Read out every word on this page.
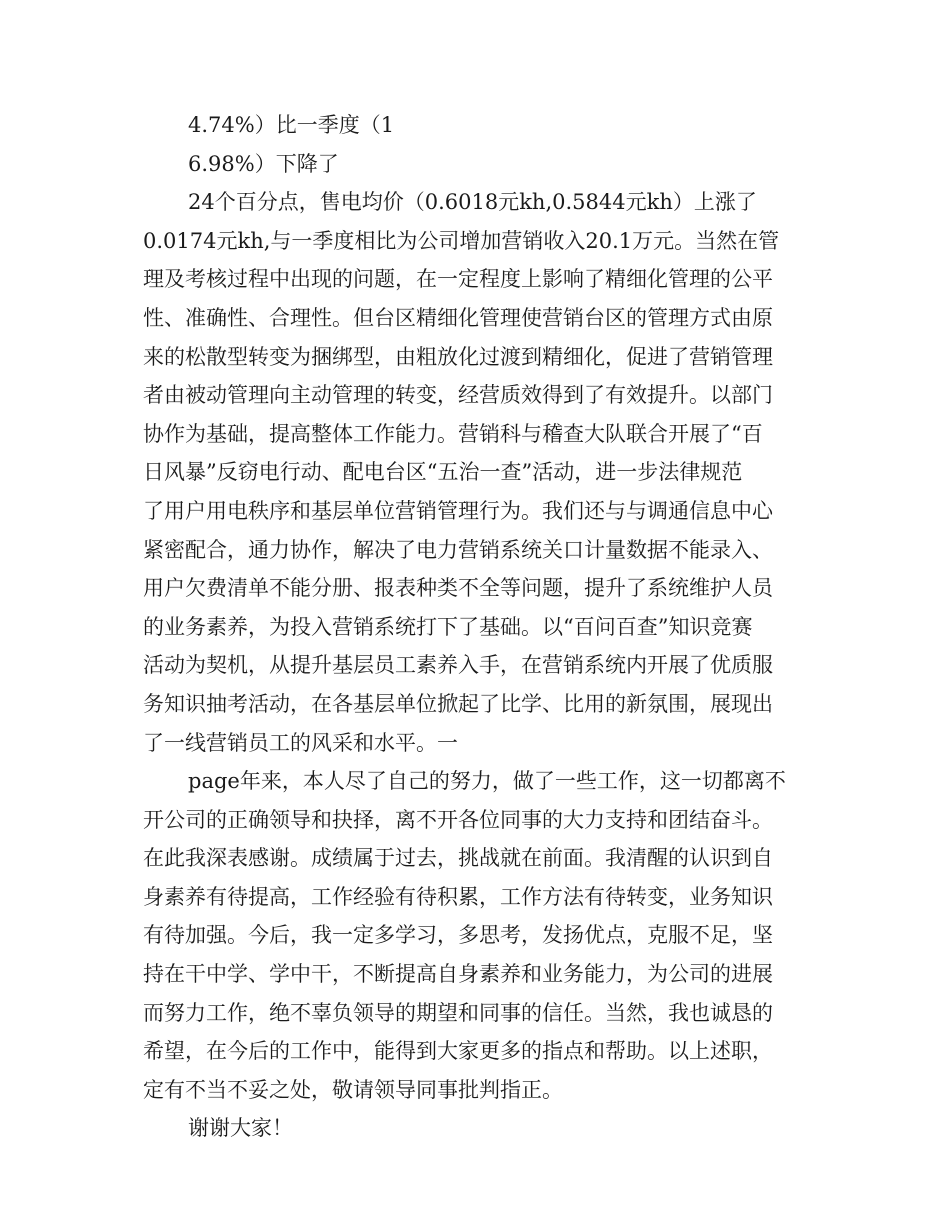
4.74%）比一季度（1
6.98%）下降了
24个百分点，售电均价（0.6018元kh,0.5844元kh）上涨了
0.0174元kh,与一季度相比为公司增加营销收入20.1万元。当然在管
理及考核过程中出现的问题，在一定程度上影响了精细化管理的公平
性、准确性、合理性。但台区精细化管理使营销台区的管理方式由原
来的松散型转变为捆绑型，由粗放化过渡到精细化，促进了营销管理
者由被动管理向主动管理的转变，经营质效得到了有效提升。以部门
协作为基础，提高整体工作能力。营销科与稽查大队联合开展了“百
日风暴”反窃电行动、配电台区“五治一查”活动，进一步法律规范
了用户用电秩序和基层单位营销管理行为。我们还与与调通信息中心
紧密配合，通力协作，解决了电力营销系统关口计量数据不能录入、
用户欠费清单不能分册、报表种类不全等问题，提升了系统维护人员
的业务素养，为投入营销系统打下了基础。以“百问百查”知识竞赛
活动为契机，从提升基层员工素养入手，在营销系统内开展了优质服
务知识抽考活动，在各基层单位掀起了比学、比用的新氛围，展现出
了一线营销员工的风采和水平。一
page年来，本人尽了自己的努力，做了一些工作，这一切都离不
开公司的正确领导和抉择，离不开各位同事的大力支持和团结奋斗。
在此我深表感谢。成绩属于过去，挑战就在前面。我清醒的认识到自
身素养有待提高，工作经验有待积累，工作方法有待转变，业务知识
有待加强。今后，我一定多学习，多思考，发扬优点，克服不足，坚
持在干中学、学中干，不断提高自身素养和业务能力，为公司的进展
而努力工作，绝不辜负领导的期望和同事的信任。当然，我也诚恳的
希望，在今后的工作中，能得到大家更多的指点和帮助。以上述职，
定有不当不妥之处，敬请领导同事批判指正。
谢谢大家！
